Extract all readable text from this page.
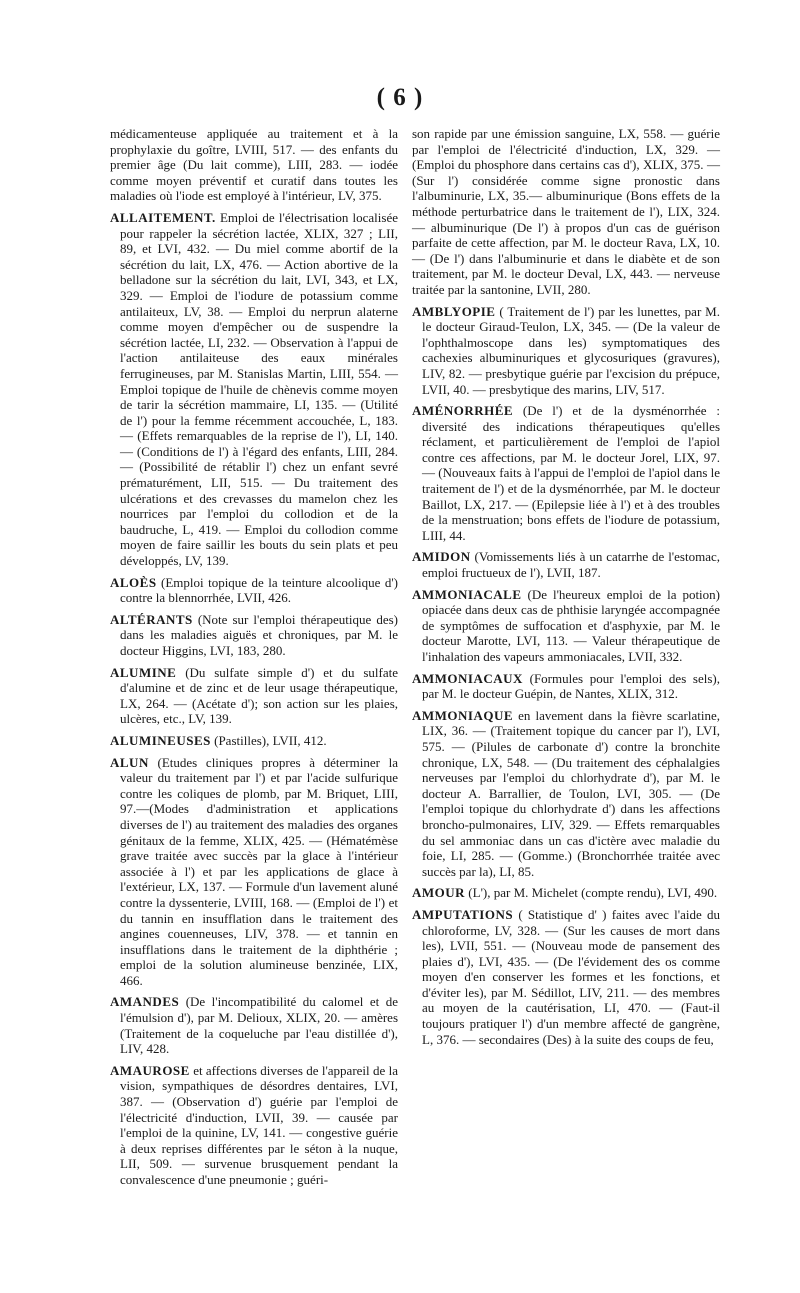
( 6 )

médicamenteuse appliquée au traitement et à la prophylaxie du goître, LVIII, 517. — des enfants du premier âge (Du lait comme), LIII, 283. — iodée comme moyen préventif et curatif dans toutes les maladies où l'iode est employé à l'intérieur, LV, 375.

ALLAITEMENT. Emploi de l'électrisation localisée pour rappeler la sécrétion lactée, XLIX, 327 ; LII, 89, et LVI, 432. — Du miel comme abortif de la sécrétion du lait, LX, 476. — Action abortive de la belladone sur la sécrétion du lait, LVI, 343, et LX, 329. — Emploi de l'iodure de potassium comme antilaiteux, LV, 38. — Emploi du nerprun alaterne comme moyen d'empêcher ou de suspendre la sécrétion lactée, LI, 232. — Observation à l'appui de l'action antilaiteuse des eaux minérales ferrugineuses, par M. Stanislas Martin, LIII, 554. — Emploi topique de l'huile de chènevis comme moyen de tarir la sécrétion mammaire, LI, 135. — (Utilité de l') pour la femme récemment accouchée, L, 183. — (Effets remarquables de la reprise de l'), LI, 140. — (Conditions de l') à l'égard des enfants, LIII, 284. — (Possibilité de rétablir l') chez un enfant sevré prématurément, LII, 515. — Du traitement des ulcérations et des crevasses du mamelon chez les nourrices par l'emploi du collodion et de la baudruche, L, 419. — Emploi du collodion comme moyen de faire saillir les bouts du sein plats et peu développés, LV, 139.

ALOÈS (Emploi topique de la teinture alcoolique d') contre la blennorrhée, LVII, 426.

ALTÉRANTS (Note sur l'emploi thérapeutique des) dans les maladies aiguës et chroniques, par M. le docteur Higgins, LVI, 183, 280.

ALUMINE (Du sulfate simple d') et du sulfate d'alumine et de zinc et de leur usage thérapeutique, LX, 264. — (Acétate d'); son action sur les plaies, ulcères, etc., LV, 139.

ALUMINEUSES (Pastilles), LVII, 412.

ALUN (Etudes cliniques propres à déterminer la valeur du traitement par l') et par l'acide sulfurique contre les coliques de plomb, par M. Briquet, LIII, 97.—(Modes d'administration et applications diverses de l') au traitement des maladies des organes génitaux de la femme, XLIX, 425. — (Hématémèse grave traitée avec succès par la glace à l'intérieur associée à l') et par les applications de glace à l'extérieur, LX, 137. — Formule d'un lavement aluné contre la dyssenterie, LVIII, 168. — (Emploi de l') et du tannin en insufflation dans le traitement des angines couenneuses, LIV, 378. — et tannin en insufflations dans le traitement de la diphthérie ; emploi de la solution alumineuse benzinée, LIX, 466.

AMANDES (De l'incompatibilité du calomel et de l'émulsion d'), par M. Delioux, XLIX, 20. — amères (Traitement de la coqueluche par l'eau distillée d'), LIV, 428.

AMAUROSE et affections diverses de l'appareil de la vision, sympathiques de désordres dentaires, LVI, 387. — (Observation d') guérie par l'emploi de l'électricité d'induction, LVII, 39. — causée par l'emploi de la quinine, LV, 141. — congestive guérie à deux reprises différentes par le séton à la nuque, LII, 509. — survenue brusquement pendant la convalescence d'une pneumonie ; guéri-

son rapide par une émission sanguine, LX, 558. — guérie par l'emploi de l'électricité d'induction, LX, 329. — (Emploi du phosphore dans certains cas d'), XLIX, 375. — (Sur l') considérée comme signe pronostic dans l'albuminurie, LX, 35.— albuminurique (Bons effets de la méthode perturbatrice dans le traitement de l'), LIX, 324. — albuminurique (De l') à propos d'un cas de guérison parfaite de cette affection, par M. le docteur Rava, LX, 10. — (De l') dans l'albuminurie et dans le diabète et de son traitement, par M. le docteur Deval, LX, 443. — nerveuse traitée par la santonine, LVII, 280.

AMBLYOPIE ( Traitement de l') par les lunettes, par M. le docteur Giraud-Teulon, LX, 345. — (De la valeur de l'ophthalmoscope dans les) symptomatiques des cachexies albuminuriques et glycosuriques (gravures), LIV, 82. — presbytique guérie par l'excision du prépuce, LVII, 40. — presbytique des marins, LIV, 517.

AMÉNORRHÉE (De l') et de la dysménorrhée : diversité des indications thérapeutiques qu'elles réclament, et particulièrement de l'emploi de l'apiol contre ces affections, par M. le docteur Jorel, LIX, 97. — (Nouveaux faits à l'appui de l'emploi de l'apiol dans le traitement de l') et de la dysménorrhée, par M. le docteur Baillot, LX, 217. — (Epilepsie liée à l') et à des troubles de la menstruation; bons effets de l'iodure de potassium, LIII, 44.

AMIDON (Vomissements liés à un catarrhe de l'estomac, emploi fructueux de l'), LVII, 187.

AMMONIACALE (De l'heureux emploi de la potion) opiacée dans deux cas de phthisie laryngée accompagnée de symptômes de suffocation et d'asphyxie, par M. le docteur Marotte, LVI, 113. — Valeur thérapeutique de l'inhalation des vapeurs ammoniacales, LVII, 332.

AMMONIACAUX (Formules pour l'emploi des sels), par M. le docteur Guépin, de Nantes, XLIX, 312.

AMMONIAQUE en lavement dans la fièvre scarlatine, LIX, 36. — (Traitement topique du cancer par l'), LVI, 575. — (Pilules de carbonate d') contre la bronchite chronique, LX, 548. — (Du traitement des céphalalgies nerveuses par l'emploi du chlorhydrate d'), par M. le docteur A. Barrallier, de Toulon, LVI, 305. — (De l'emploi topique du chlorhydrate d') dans les affections broncho-pulmonaires, LIV, 329. — Effets remarquables du sel ammoniac dans un cas d'ictère avec maladie du foie, LI, 285. — (Gomme.) (Bronchorrhée traitée avec succès par la), LI, 85.

AMOUR (L'), par M. Michelet (compte rendu), LVI, 490.

AMPUTATIONS ( Statistique d' ) faites avec l'aide du chloroforme, LV, 328. — (Sur les causes de mort dans les), LVII, 551. — (Nouveau mode de pansement des plaies d'), LVI, 435. — (De l'évidement des os comme moyen d'en conserver les formes et les fonctions, et d'éviter les), par M. Sédillot, LIV, 211. — des membres au moyen de la cautérisation, LI, 470. — (Faut-il toujours pratiquer l') d'un membre affecté de gangrène, L, 376. — secondaires (Des) à la suite des coups de feu,
